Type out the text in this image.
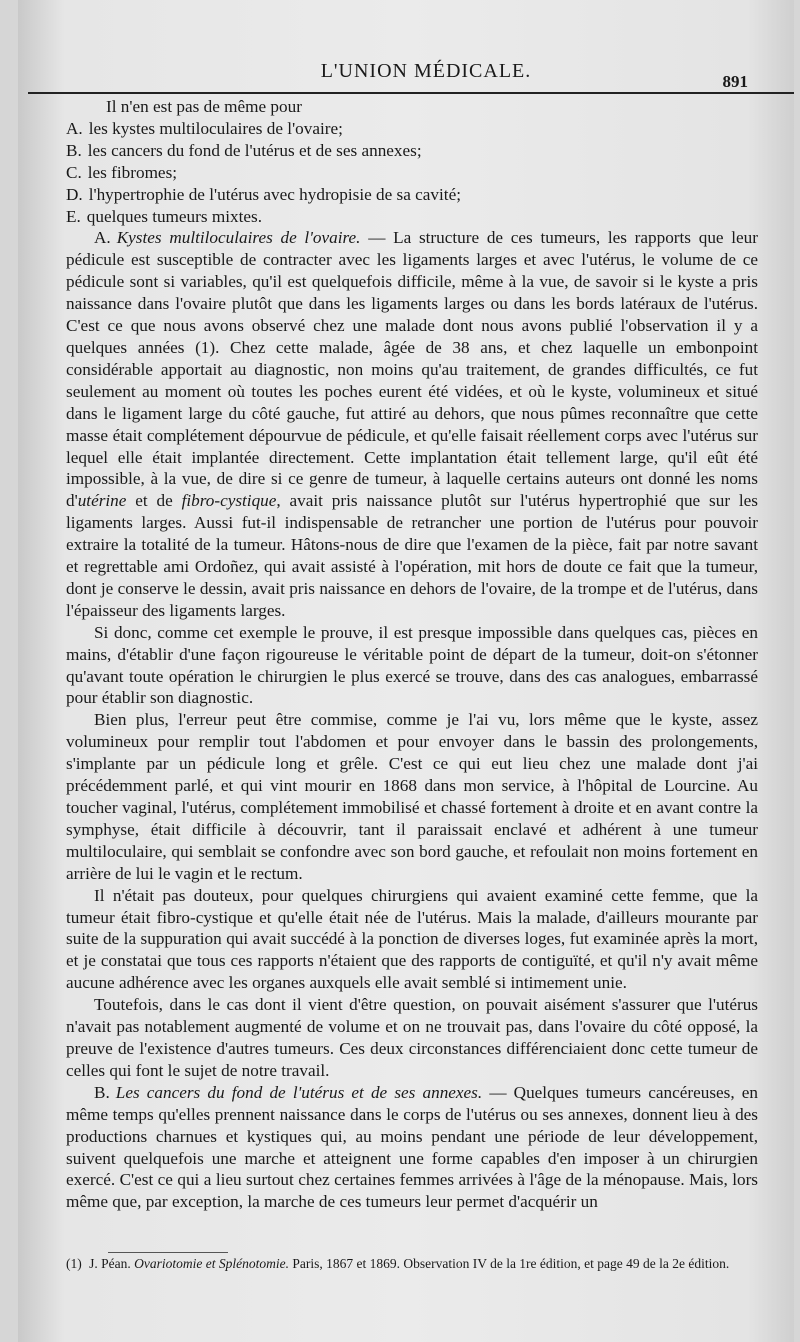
L'UNION MÉDICALE.	891

Il n'en est pas de même pour

A. les kystes multiloculaires de l'ovaire;

B. les cancers du fond de l'utérus et de ses annexes;

C. les fibromes;

D. l'hypertrophie de l'utérus avec hydropisie de sa cavité;

E. quelques tumeurs mixtes.

A. Kystes multiloculaires de l'ovaire. — La structure de ces tumeurs, les rapports que leur pédicule est susceptible de contracter avec les ligaments larges et avec l'utérus, le volume de ce pédicule sont si variables, qu'il est quelquefois difficile, même à la vue, de savoir si le kyste a pris naissance dans l'ovaire plutôt que dans les ligaments larges ou dans les bords latéraux de l'utérus. C'est ce que nous avons observé chez une malade dont nous avons publié l'observation il y a quelques années (1). Chez cette malade, âgée de 38 ans, et chez laquelle un embonpoint considérable apportait au diagnostic, non moins qu'au traitement, de grandes difficultés, ce fut seulement au moment où toutes les poches eurent été vidées, et où le kyste, volumineux et situé dans le ligament large du côté gauche, fut attiré au dehors, que nous pûmes reconnaître que cette masse était complétement dépourvue de pédicule, et qu'elle faisait réellement corps avec l'utérus sur lequel elle était implantée directement. Cette implantation était tellement large, qu'il eût été impossible, à la vue, de dire si ce genre de tumeur, à laquelle certains auteurs ont donné les noms d'utérine et de fibro-cystique, avait pris naissance plutôt sur l'utérus hypertrophié que sur les ligaments larges. Aussi fut-il indispensable de retrancher une portion de l'utérus pour pouvoir extraire la totalité de la tumeur. Hâtons-nous de dire que l'examen de la pièce, fait par notre savant et regrettable ami Ordoñez, qui avait assisté à l'opération, mit hors de doute ce fait que la tumeur, dont je conserve le dessin, avait pris naissance en dehors de l'ovaire, de la trompe et de l'utérus, dans l'épaisseur des ligaments larges.

Si donc, comme cet exemple le prouve, il est presque impossible dans quelques cas, pièces en mains, d'établir d'une façon rigoureuse le véritable point de départ de la tumeur, doit-on s'étonner qu'avant toute opération le chirurgien le plus exercé se trouve, dans des cas analogues, embarrassé pour établir son diagnostic.

Bien plus, l'erreur peut être commise, comme je l'ai vu, lors même que le kyste, assez volumineux pour remplir tout l'abdomen et pour envoyer dans le bassin des prolongements, s'implante par un pédicule long et grêle. C'est ce qui eut lieu chez une malade dont j'ai précédemment parlé, et qui vint mourir en 1868 dans mon service, à l'hôpital de Lourcine. Au toucher vaginal, l'utérus, complétement immobilisé et chassé fortement à droite et en avant contre la symphyse, était difficile à découvrir, tant il paraissait enclavé et adhérent à une tumeur multiloculaire, qui semblait se confondre avec son bord gauche, et refoulait non moins fortement en arrière de lui le vagin et le rectum.

Il n'était pas douteux, pour quelques chirurgiens qui avaient examiné cette femme, que la tumeur était fibro-cystique et qu'elle était née de l'utérus. Mais la malade, d'ailleurs mourante par suite de la suppuration qui avait succédé à la ponction de diverses loges, fut examinée après la mort, et je constatai que tous ces rapports n'étaient que des rapports de contiguïté, et qu'il n'y avait même aucune adhérence avec les organes auxquels elle avait semblé si intimement unie.

Toutefois, dans le cas dont il vient d'être question, on pouvait aisément s'assurer que l'utérus n'avait pas notablement augmenté de volume et on ne trouvait pas, dans l'ovaire du côté opposé, la preuve de l'existence d'autres tumeurs. Ces deux circonstances différenciaient donc cette tumeur de celles qui font le sujet de notre travail.

B. Les cancers du fond de l'utérus et de ses annexes. — Quelques tumeurs cancéreuses, en même temps qu'elles prennent naissance dans le corps de l'utérus ou ses annexes, donnent lieu à des productions charnues et kystiques qui, au moins pendant une période de leur développement, suivent quelquefois une marche et atteignent une forme capables d'en imposer à un chirurgien exercé. C'est ce qui a lieu surtout chez certaines femmes arrivées à l'âge de la ménopause. Mais, lors même que, par exception, la marche de ces tumeurs leur permet d'acquérir un

(1) J. Péan. Ovariotomie et Splénotomie. Paris, 1867 et 1869. Observation IV de la 1re édition, et page 49 de la 2e édition.
